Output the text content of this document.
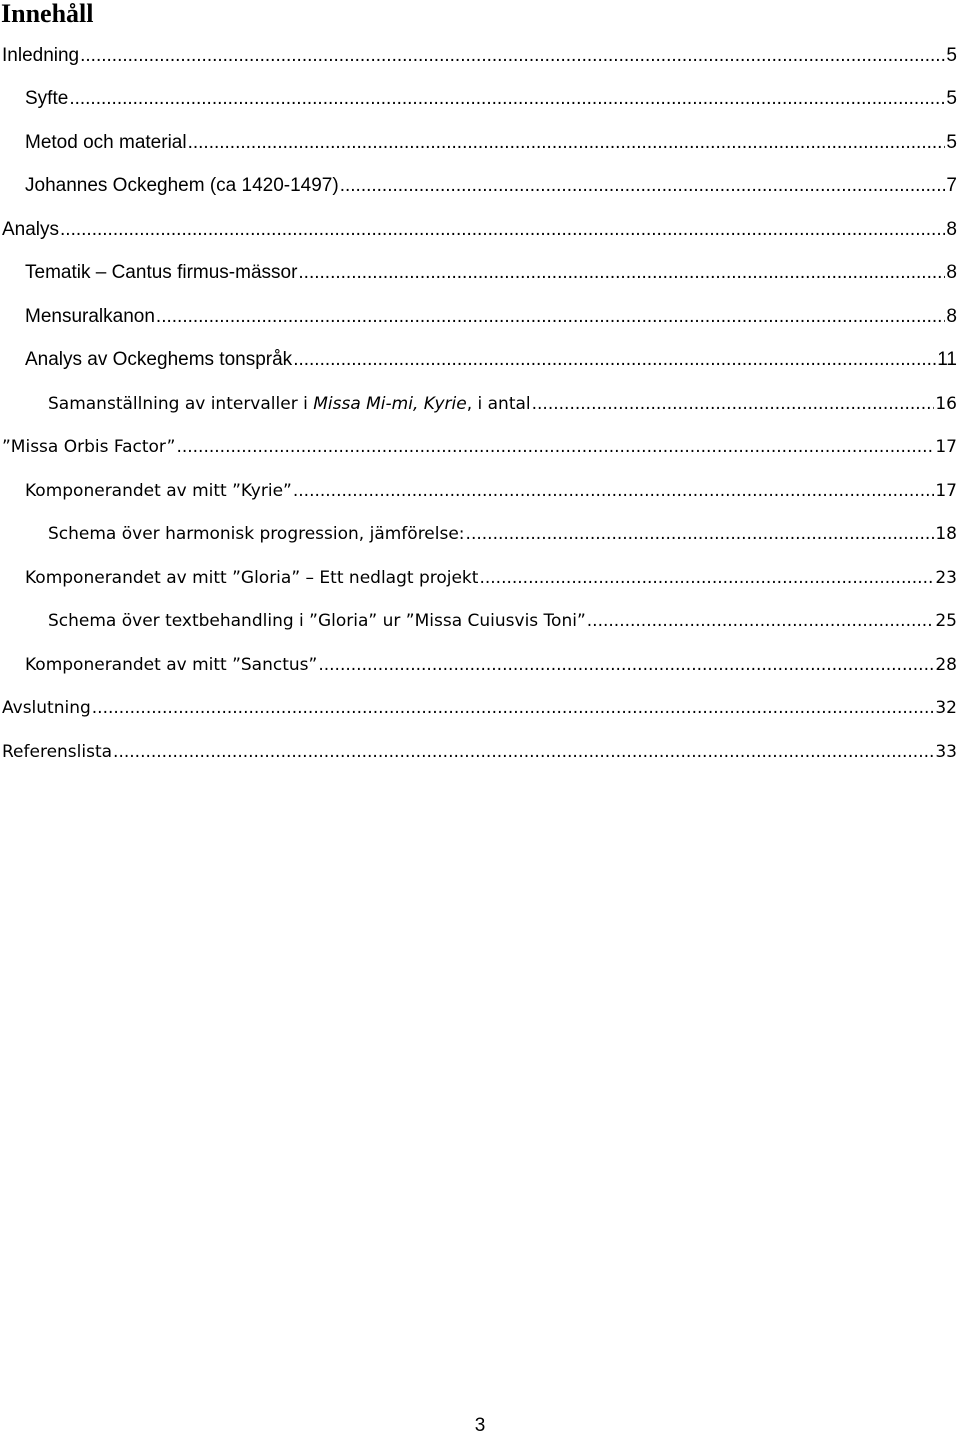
Innehåll
Inledning .....	5
Syfte .....	5
Metod och material .....	5
Johannes Ockeghem (ca 1420-1497) .....	7
Analys .....	8
Tematik – Cantus firmus-mässor .....	8
Mensuralkanon .....	8
Analys av Ockeghems tonspråk .....	11
Samanställning av intervaller i Missa Mi-mi, Kyrie, i antal .....	16
”Missa Orbis Factor” .....	17
Komponerandet av mitt ”Kyrie” .....	17
Schema över harmonisk progression, jämförelse: .....	18
Komponerandet av mitt ”Gloria” – Ett nedlagt projekt .....	23
Schema över textbehandling i ”Gloria” ur ”Missa Cuiusvis Toni” .....	25
Komponerandet av mitt ”Sanctus” .....	28
Avslutning .....	32
Referenslista .....	33
3
